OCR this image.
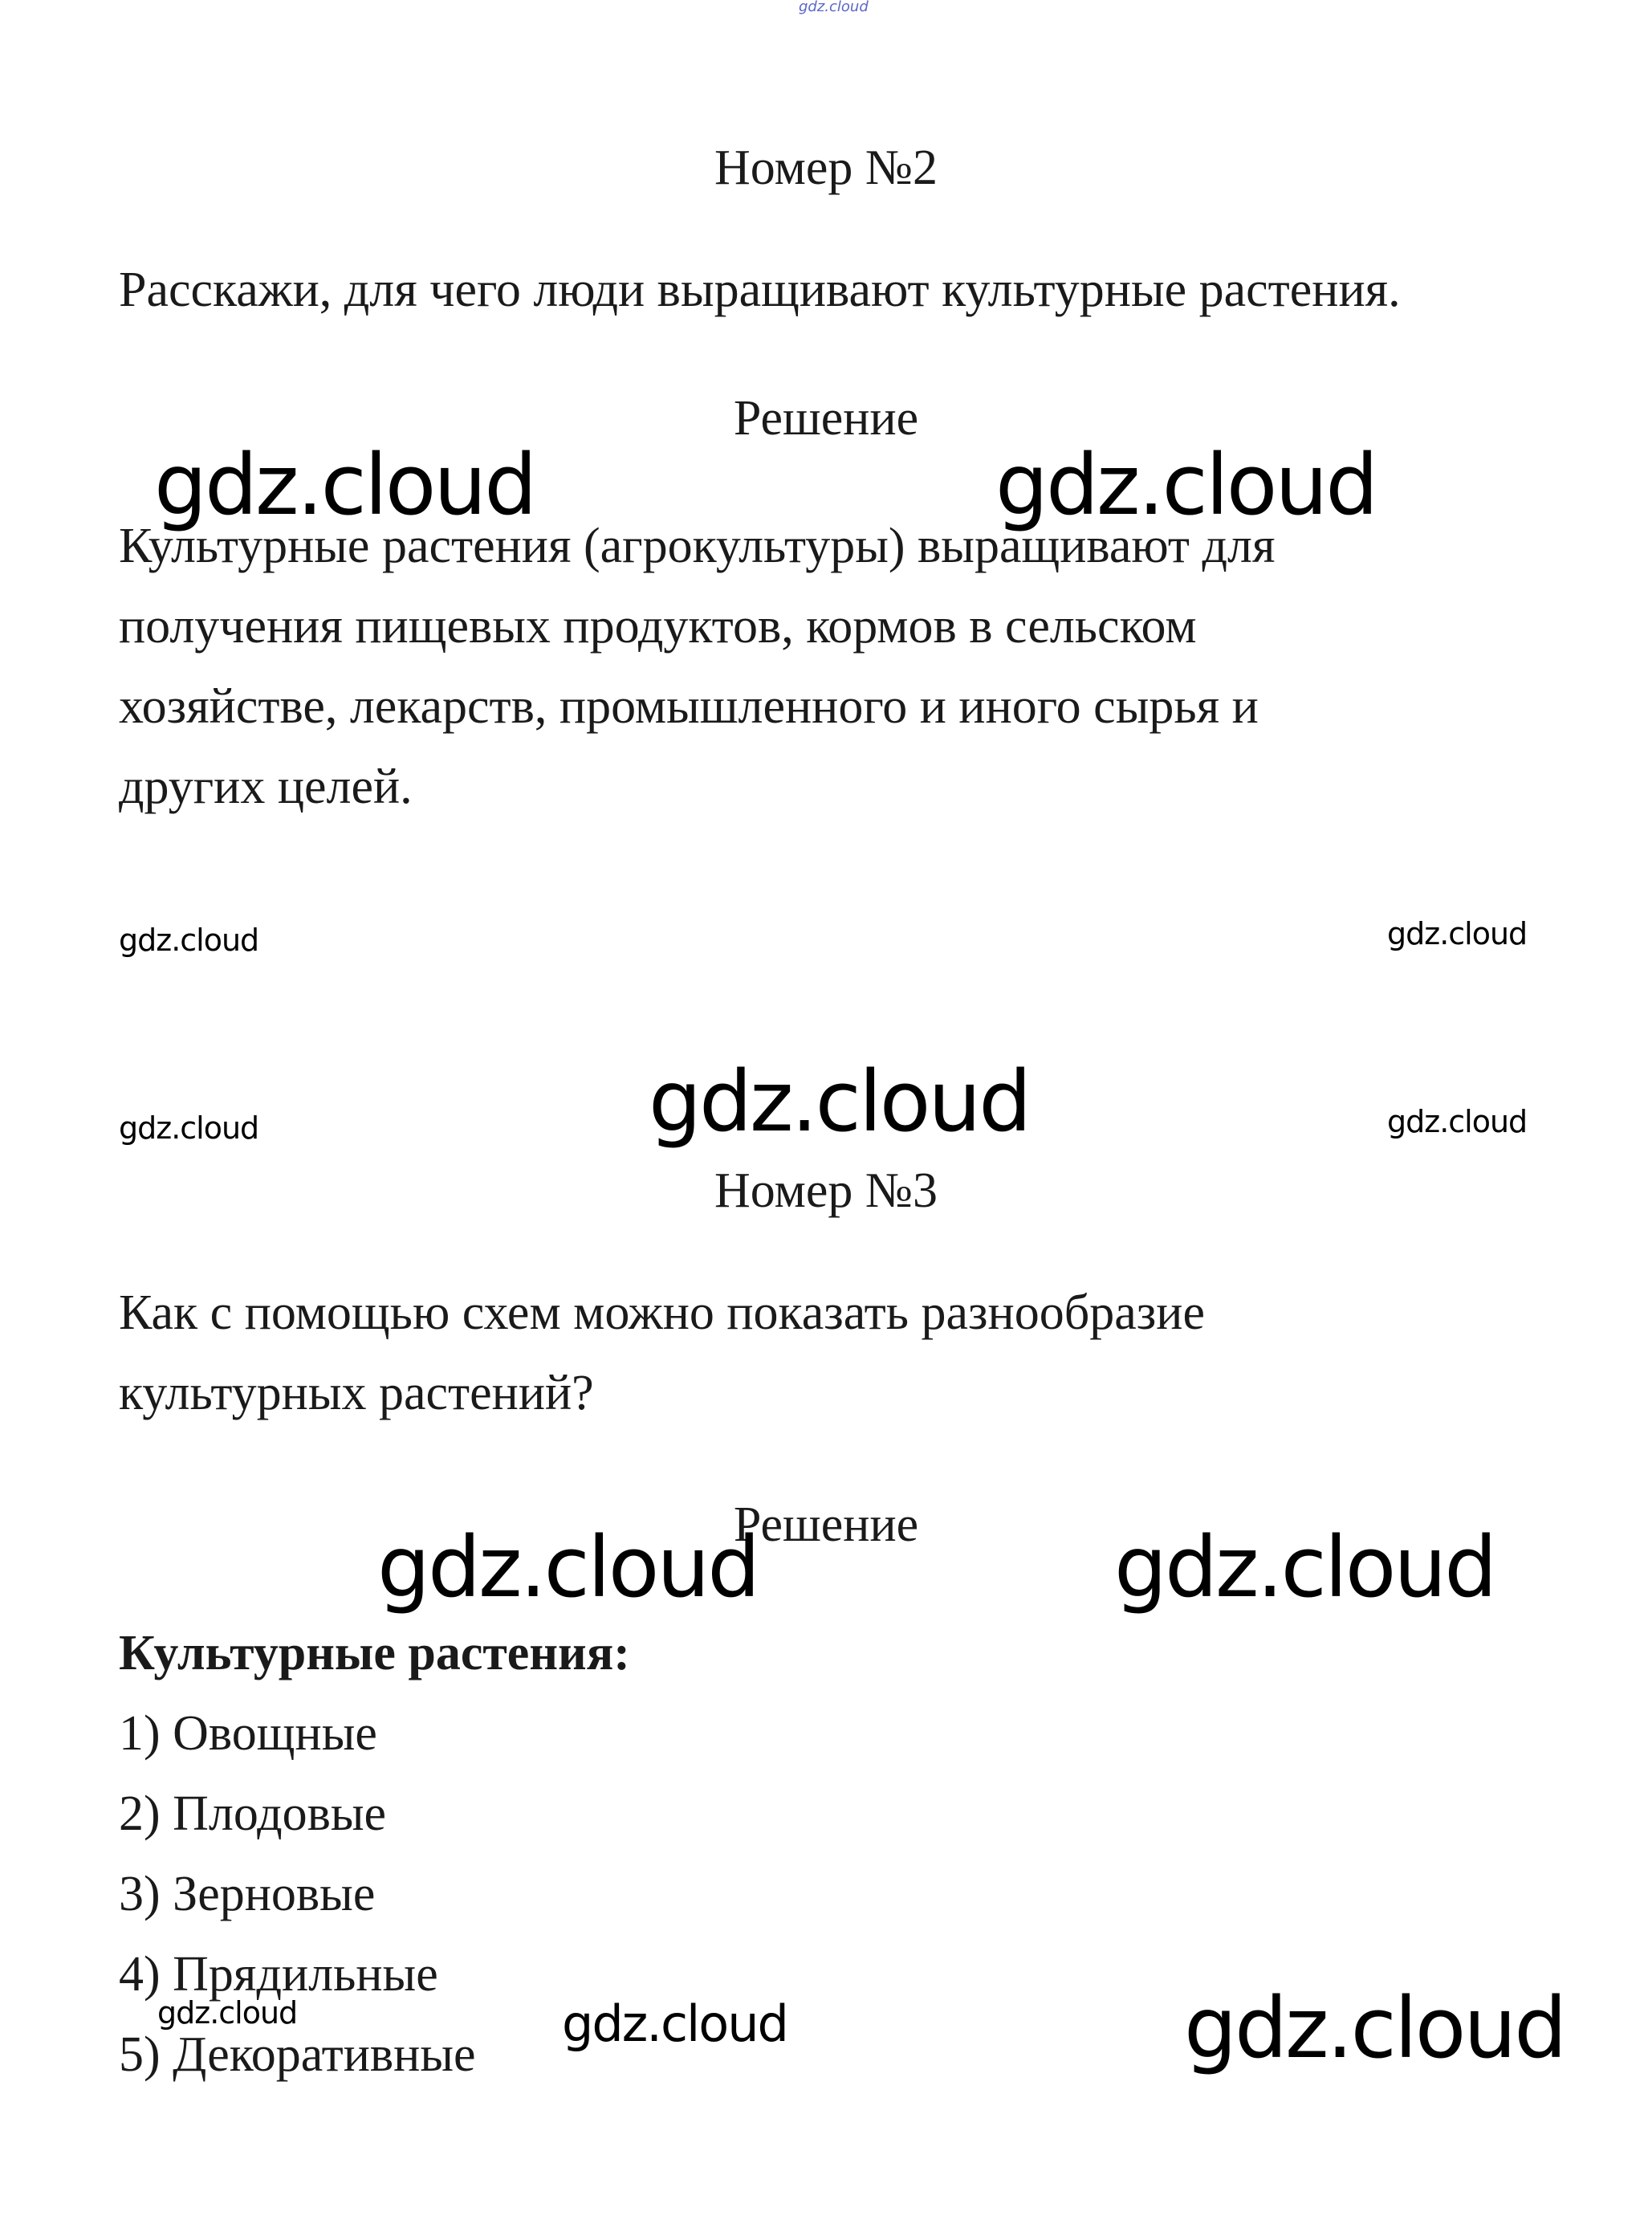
gdz.cloud
Номер №2
Расскажи, для чего люди выращивают культурные растения.
Решение
gdz.cloud	gdz.cloud
Культурные растения (агрокультуры) выращивают для
получения пищевых продуктов, кормов в сельском
хозяйстве, лекарств, промышленного и иного сырья и
других целей.
gdz.cloud	gdz.cloud
gdz.cloud	gdz.cloud	gdz.cloud
Номер №3
Как с помощью схем можно показать разнообразие
культурных растений?
Решение
gdz.cloud	gdz.cloud
Культурные растения:
1) Овощные
2) Плодовые
3) Зерновые
4) Прядильные
5) Декоративные
gdz.cloud	gdz.cloud	gdz.cloud
